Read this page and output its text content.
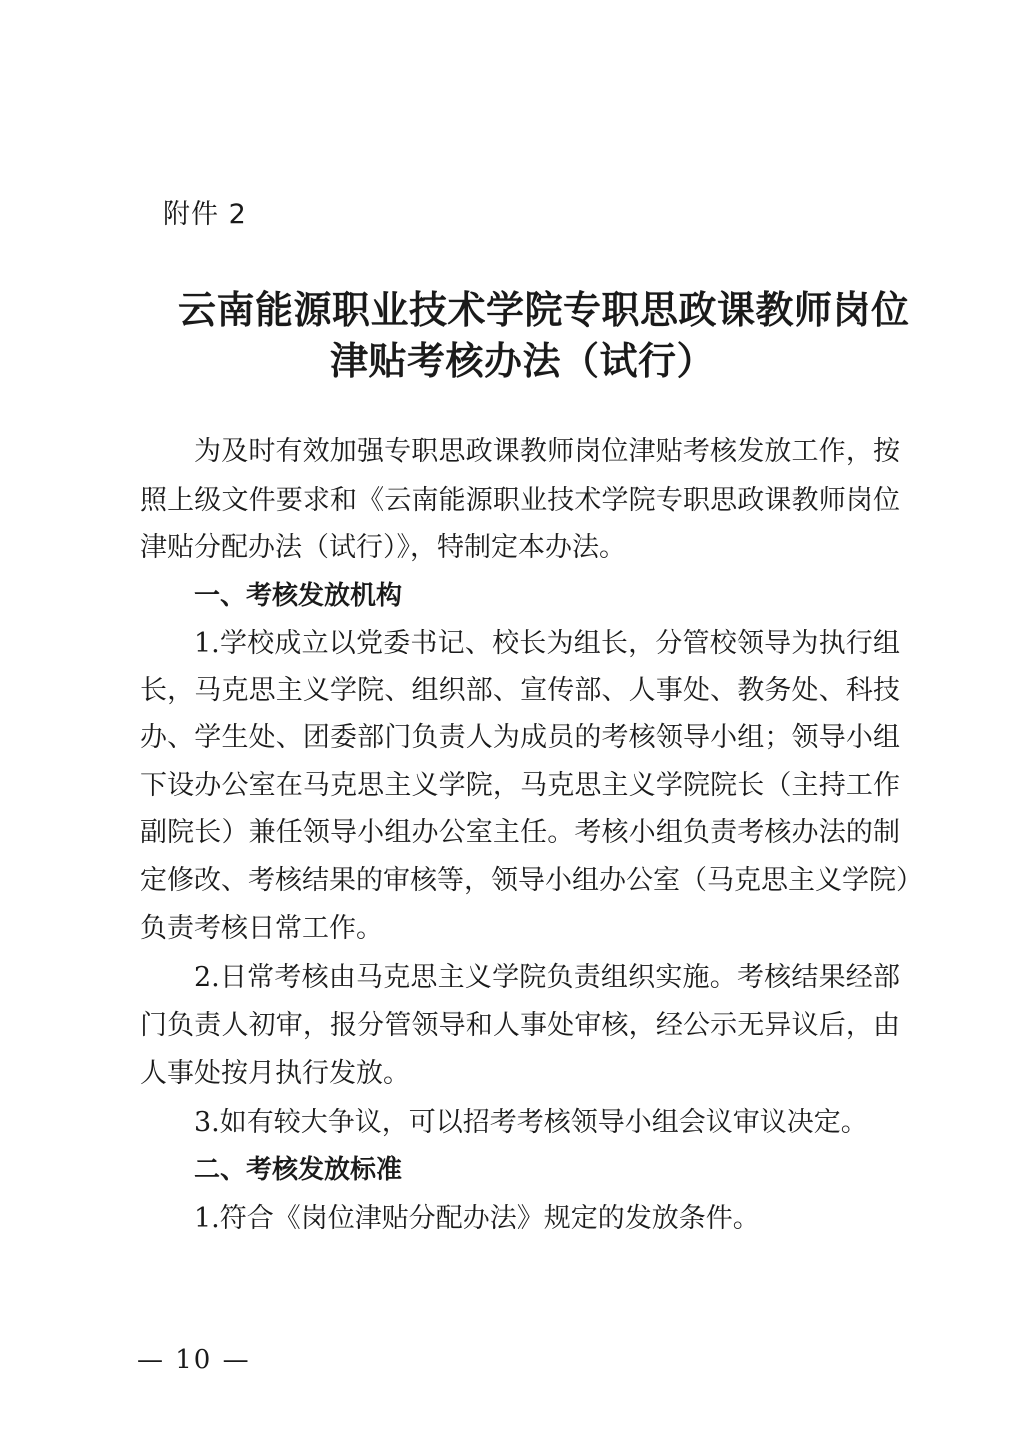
附件 2
云南能源职业技术学院专职思政课教师岗位
津贴考核办法（试行）
为及时有效加强专职思政课教师岗位津贴考核发放工作，按
照上级文件要求和《云南能源职业技术学院专职思政课教师岗位
津贴分配办法（试行）》，特制定本办法。
一、考核发放机构
1.学校成立以党委书记、校长为组长，分管校领导为执行组
长，马克思主义学院、组织部、宣传部、人事处、教务处、科技
办、学生处、团委部门负责人为成员的考核领导小组；领导小组
下设办公室在马克思主义学院，马克思主义学院院长（主持工作
副院长）兼任领导小组办公室主任。考核小组负责考核办法的制
定修改、考核结果的审核等，领导小组办公室（马克思主义学院）
负责考核日常工作。
2.日常考核由马克思主义学院负责组织实施。考核结果经部
门负责人初审，报分管领导和人事处审核，经公示无异议后，由
人事处按月执行发放。
3.如有较大争议，可以招考考核领导小组会议审议决定。
二、考核发放标准
1.符合《岗位津贴分配办法》规定的发放条件。
— 10 —
